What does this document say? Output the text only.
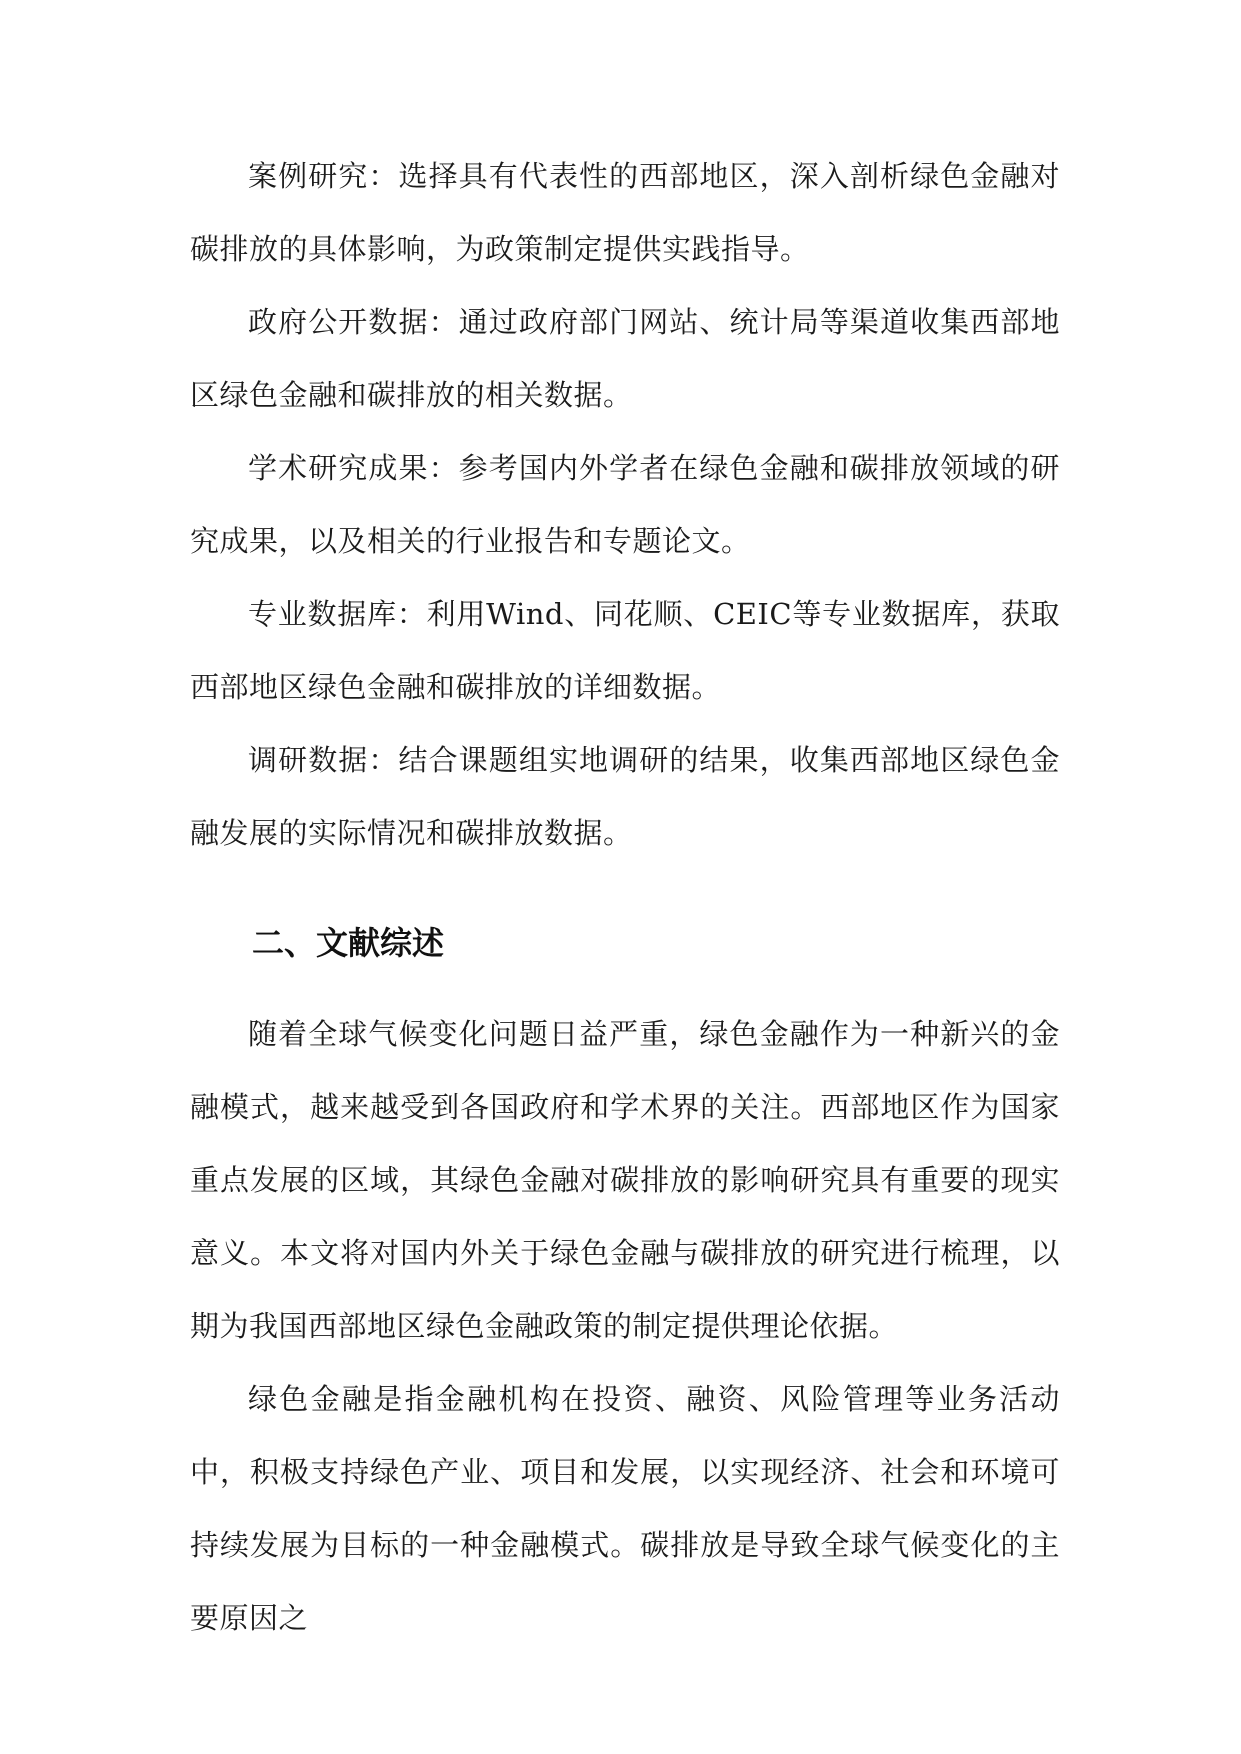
案例研究：选择具有代表性的西部地区，深入剖析绿色金融对碳排放的具体影响，为政策制定提供实践指导。

政府公开数据：通过政府部门网站、统计局等渠道收集西部地区绿色金融和碳排放的相关数据。

学术研究成果：参考国内外学者在绿色金融和碳排放领域的研究成果，以及相关的行业报告和专题论文。

专业数据库：利用Wind、同花顺、CEIC等专业数据库，获取西部地区绿色金融和碳排放的详细数据。

调研数据：结合课题组实地调研的结果，收集西部地区绿色金融发展的实际情况和碳排放数据。

二、文献综述

随着全球气候变化问题日益严重，绿色金融作为一种新兴的金融模式，越来越受到各国政府和学术界的关注。西部地区作为国家重点发展的区域，其绿色金融对碳排放的影响研究具有重要的现实意义。本文将对国内外关于绿色金融与碳排放的研究进行梳理，以期为我国西部地区绿色金融政策的制定提供理论依据。

绿色金融是指金融机构在投资、融资、风险管理等业务活动中，积极支持绿色产业、项目和发展，以实现经济、社会和环境可持续发展为目标的一种金融模式。碳排放是导致全球气候变化的主要原因之
